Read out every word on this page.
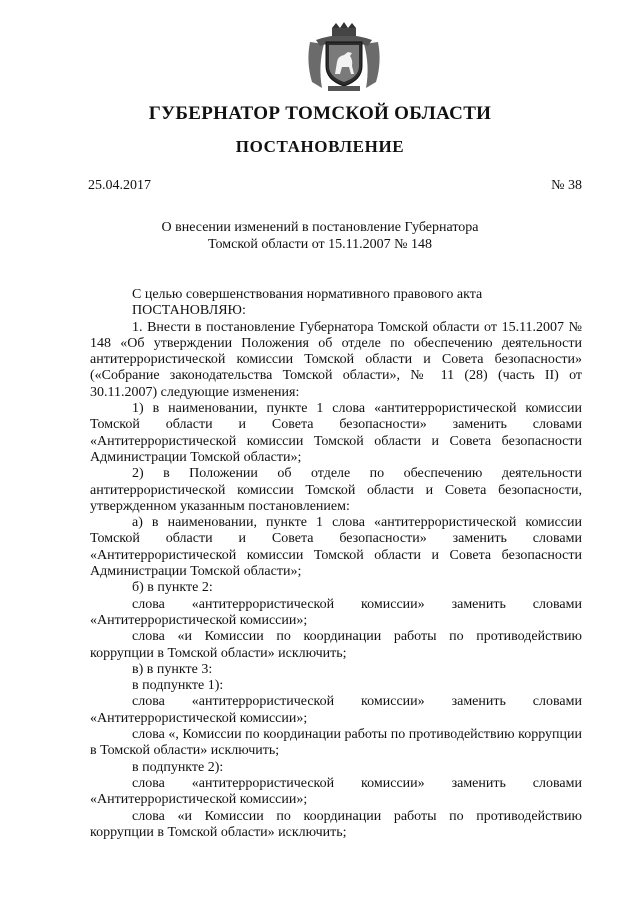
ГУБЕРНАТОР ТОМСКОЙ ОБЛАСТИ
ПОСТАНОВЛЕНИЕ
25.04.2017	№ 38
О внесении изменений в постановление Губернатора
Томской области от 15.11.2007 № 148

С целью совершенствования нормативного правового акта

ПОСТАНОВЛЯЮ:

1. Внести в постановление Губернатора Томской области от 15.11.2007 № 148 «Об утверждении Положения об отделе по обеспечению деятельности антитеррористической комиссии Томской области и Совета безопасности» («Собрание законодательства Томской области», № 11 (28) (часть II) от 30.11.2007) следующие изменения:

1) в наименовании, пункте 1 слова «антитеррористической комиссии Томской области и Совета безопасности» заменить словами «Антитеррористической комиссии Томской области и Совета безопасности Администрации Томской области»;

2) в Положении об отделе по обеспечению деятельности антитеррористической комиссии Томской области и Совета безопасности, утвержденном указанным постановлением:

а) в наименовании, пункте 1 слова «антитеррористической комиссии Томской области и Совета безопасности» заменить словами «Антитеррористической комиссии Томской области и Совета безопасности Администрации Томской области»;

б) в пункте 2:

слова «антитеррористической комиссии» заменить словами «Антитеррористической комиссии»;

слова «и Комиссии по координации работы по противодействию коррупции в Томской области» исключить;

в) в пункте 3:

в подпункте 1):

слова «антитеррористической комиссии» заменить словами «Антитеррористической комиссии»;

слова «, Комиссии по координации работы по противодействию коррупции в Томской области» исключить;

в подпункте 2):

слова «антитеррористической комиссии» заменить словами «Антитеррористической комиссии»;

слова «и Комиссии по координации работы по противодействию коррупции в Томской области» исключить;
